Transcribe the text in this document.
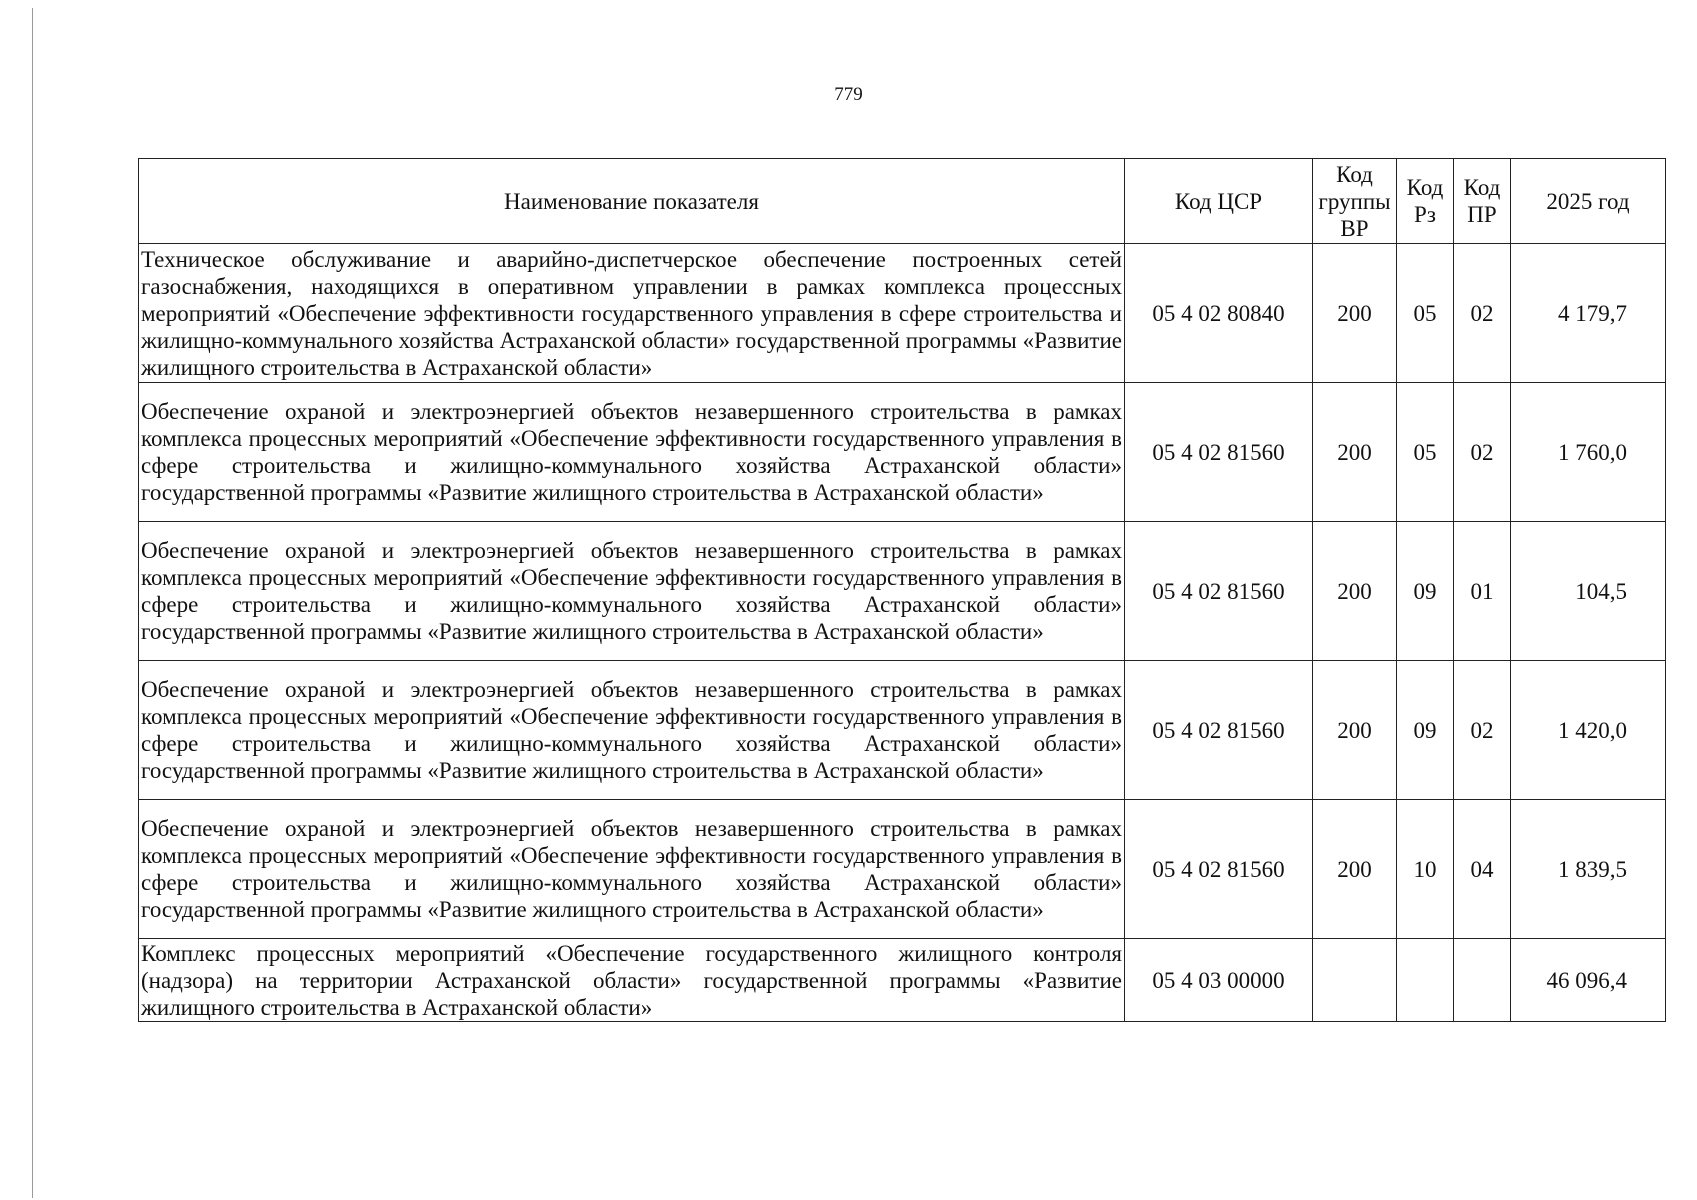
779
Наименование показателя	Код ЦСР	Код группы ВР	Код Рз	Код ПР	2025 год
Техническое обслуживание и аварийно-диспетчерское обеспечение построенных сетей газоснабжения, находящихся в оперативном управлении в рамках комплекса процессных мероприятий «Обеспечение эффективности государственного управления в сфере строительства и жилищно-коммунального хозяйства Астраханской области» государственной программы «Развитие жилищного строительства в Астраханской области»	05 4 02 80840	200	05	02	4 179,7
Обеспечение охраной и электроэнергией объектов незавершенного строительства в рамках комплекса процессных мероприятий «Обеспечение эффективности государственного управления в сфере строительства и жилищно-коммунального хозяйства Астраханской области» государственной программы «Развитие жилищного строительства в Астраханской области»	05 4 02 81560	200	05	02	1 760,0
Обеспечение охраной и электроэнергией объектов незавершенного строительства в рамках комплекса процессных мероприятий «Обеспечение эффективности государственного управления в сфере строительства и жилищно-коммунального хозяйства Астраханской области» государственной программы «Развитие жилищного строительства в Астраханской области»	05 4 02 81560	200	09	01	104,5
Обеспечение охраной и электроэнергией объектов незавершенного строительства в рамках комплекса процессных мероприятий «Обеспечение эффективности государственного управления в сфере строительства и жилищно-коммунального хозяйства Астраханской области» государственной программы «Развитие жилищного строительства в Астраханской области»	05 4 02 81560	200	09	02	1 420,0
Обеспечение охраной и электроэнергией объектов незавершенного строительства в рамках комплекса процессных мероприятий «Обеспечение эффективности государственного управления в сфере строительства и жилищно-коммунального хозяйства Астраханской области» государственной программы «Развитие жилищного строительства в Астраханской области»	05 4 02 81560	200	10	04	1 839,5
Комплекс процессных мероприятий «Обеспечение государственного жилищного контроля (надзора) на территории Астраханской области» государственной программы «Развитие жилищного строительства в Астраханской области»	05 4 03 00000				46 096,4
